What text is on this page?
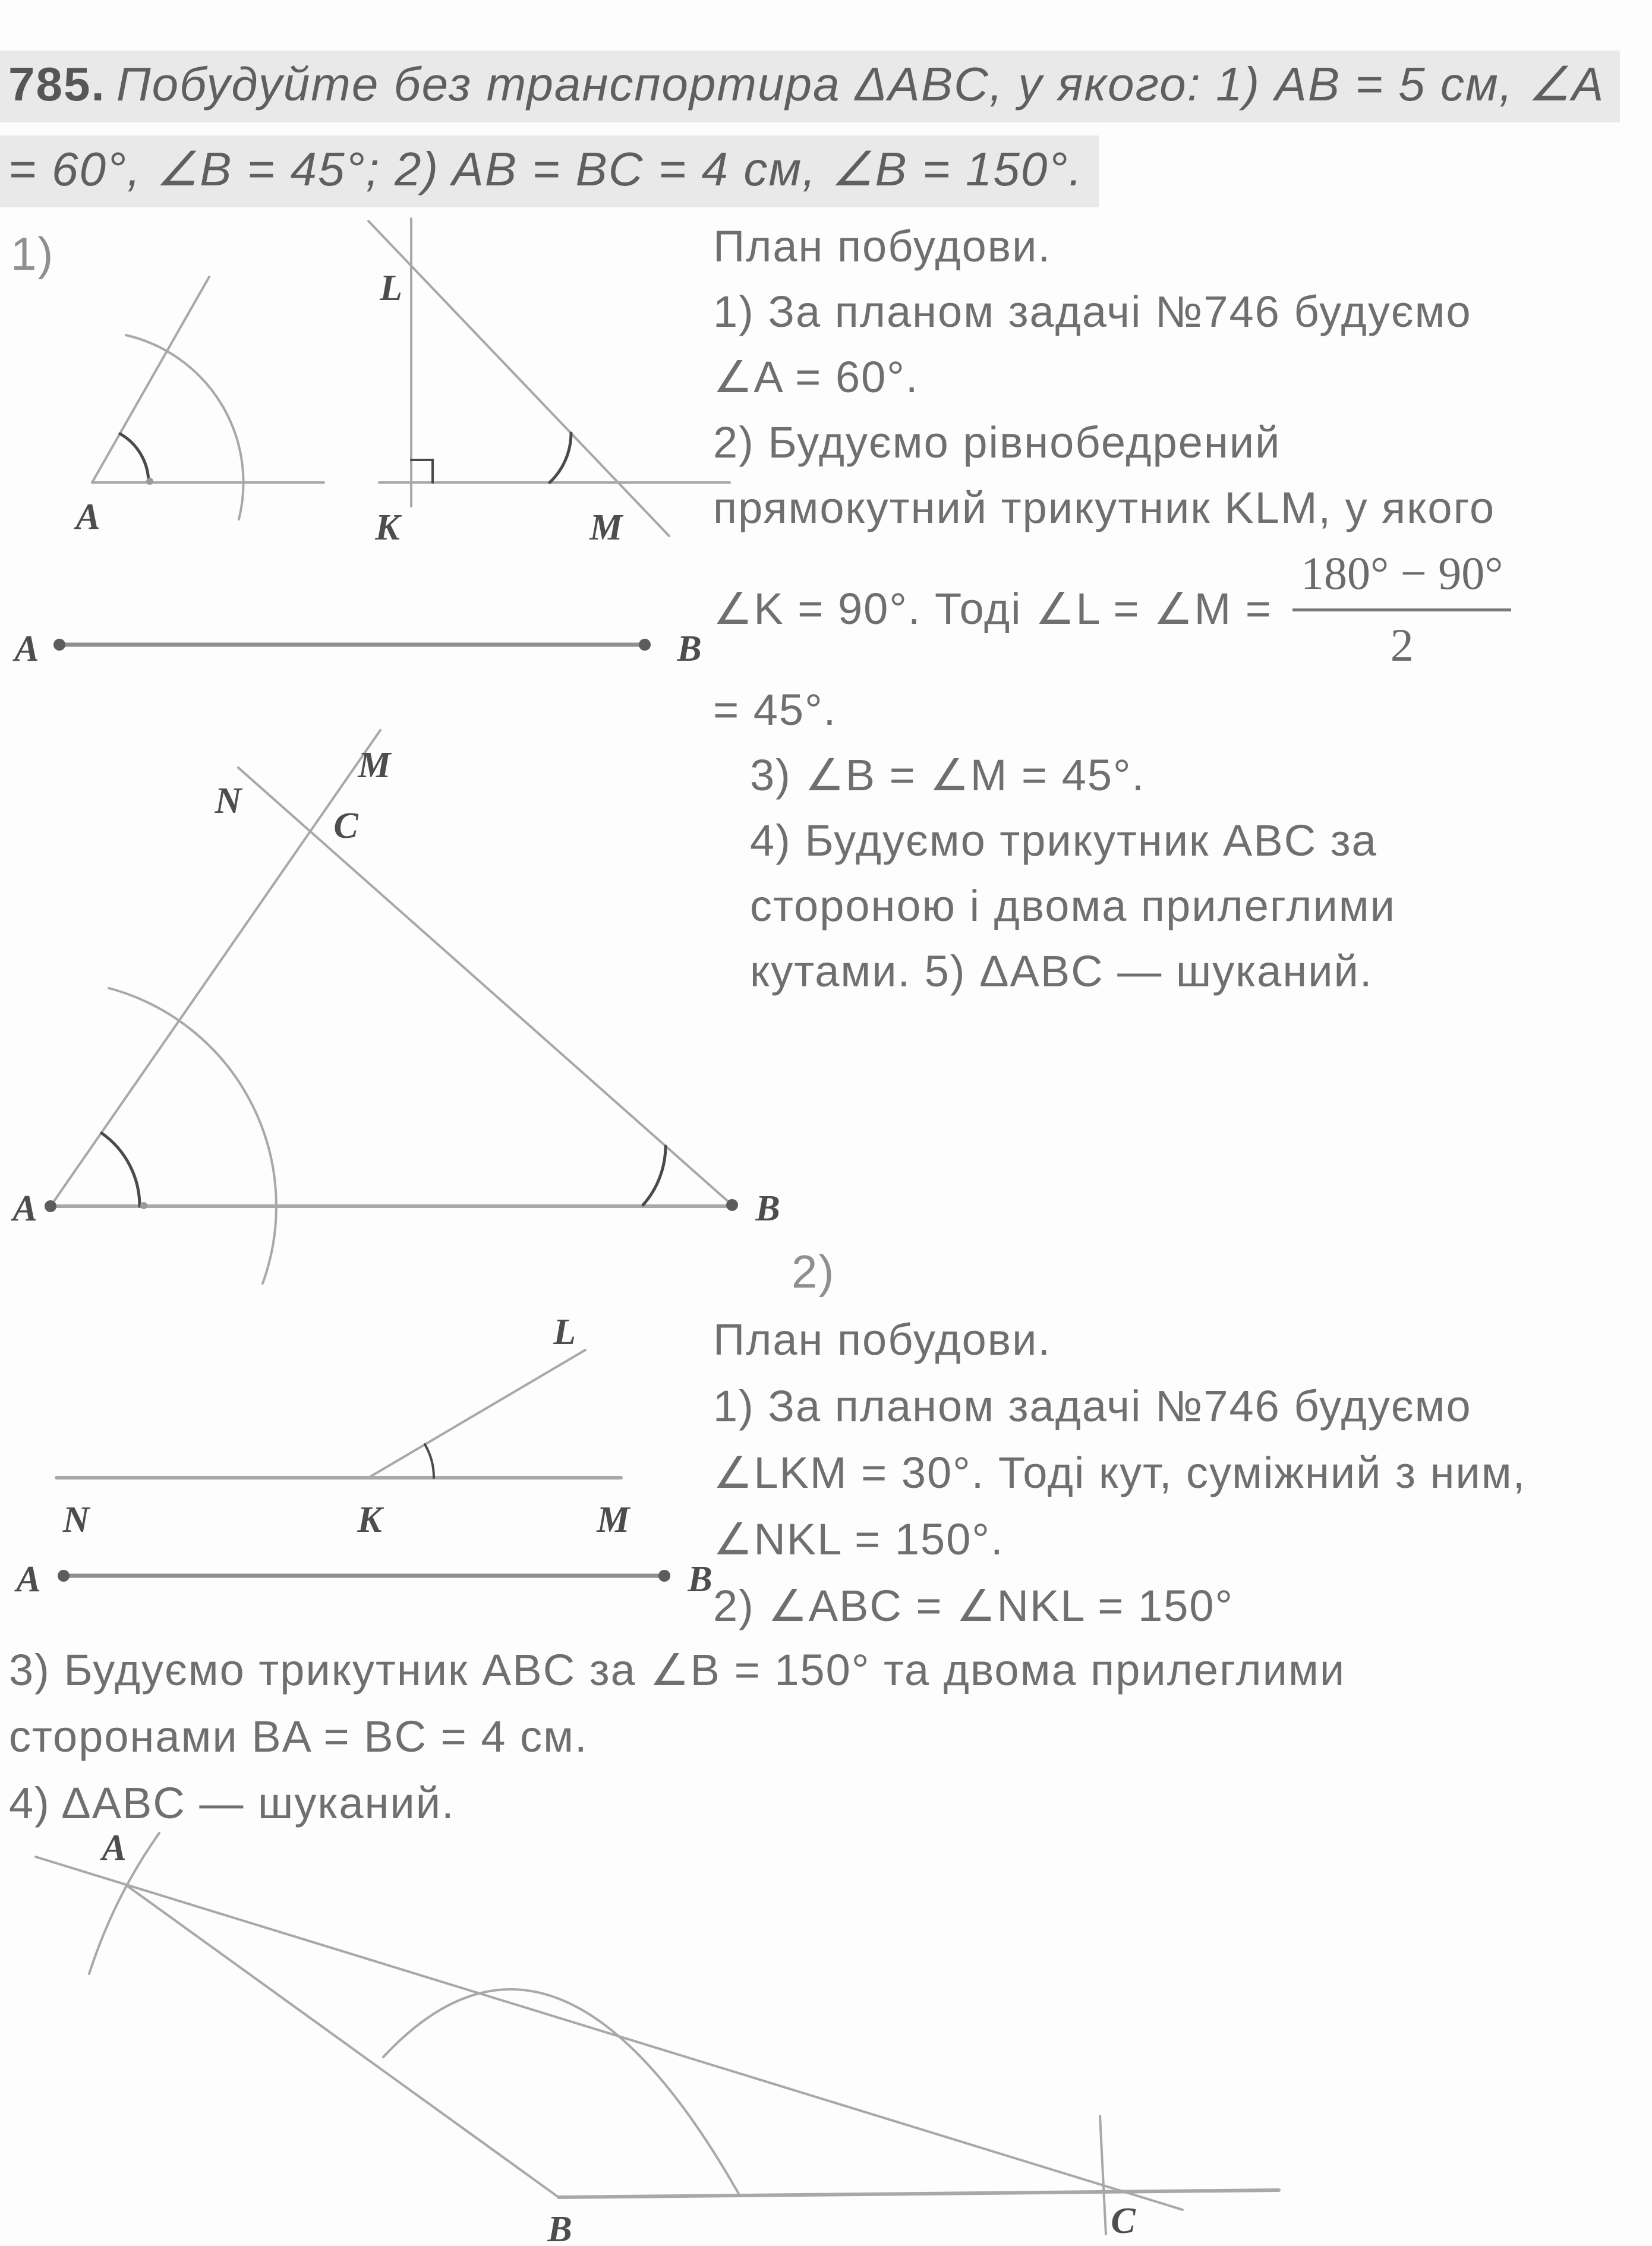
785. Побудуйте без транспортира ΔABC, у якого: 1) AB = 5 см, ∠A
= 60°, ∠B = 45°; 2) AB = BC = 4 см, ∠B = 150°.
1)	План побудови.
1) За планом задачі №746 будуємо
∠A = 60°.
2) Будуємо рівнобедрений
прямокутний трикутник KLM, у якого
∠K = 90°. Тоді ∠L = ∠M = $\frac{180^\circ - 90^\circ}{2}$
= 45°.
3) ∠B = ∠M = 45°.
4) Будуємо трикутник ABC за
стороною і двома прилеглими
кутами. 5) ΔABC — шуканий.
2)
План побудови.
1) За планом задачі №746 будуємо
∠LKM = 30°. Тоді кут, суміжний з ним,
∠NKL = 150°.
2) ∠ABC = ∠NKL = 150°
3) Будуємо трикутник ABC за ∠B = 150° та двома прилеглими
сторонами BA = BC = 4 см.
4) ΔABC — шуканий.
A
L
K	M
A	B
A	B
N
M
C
L
N	K	M
A	B
A
B	C
